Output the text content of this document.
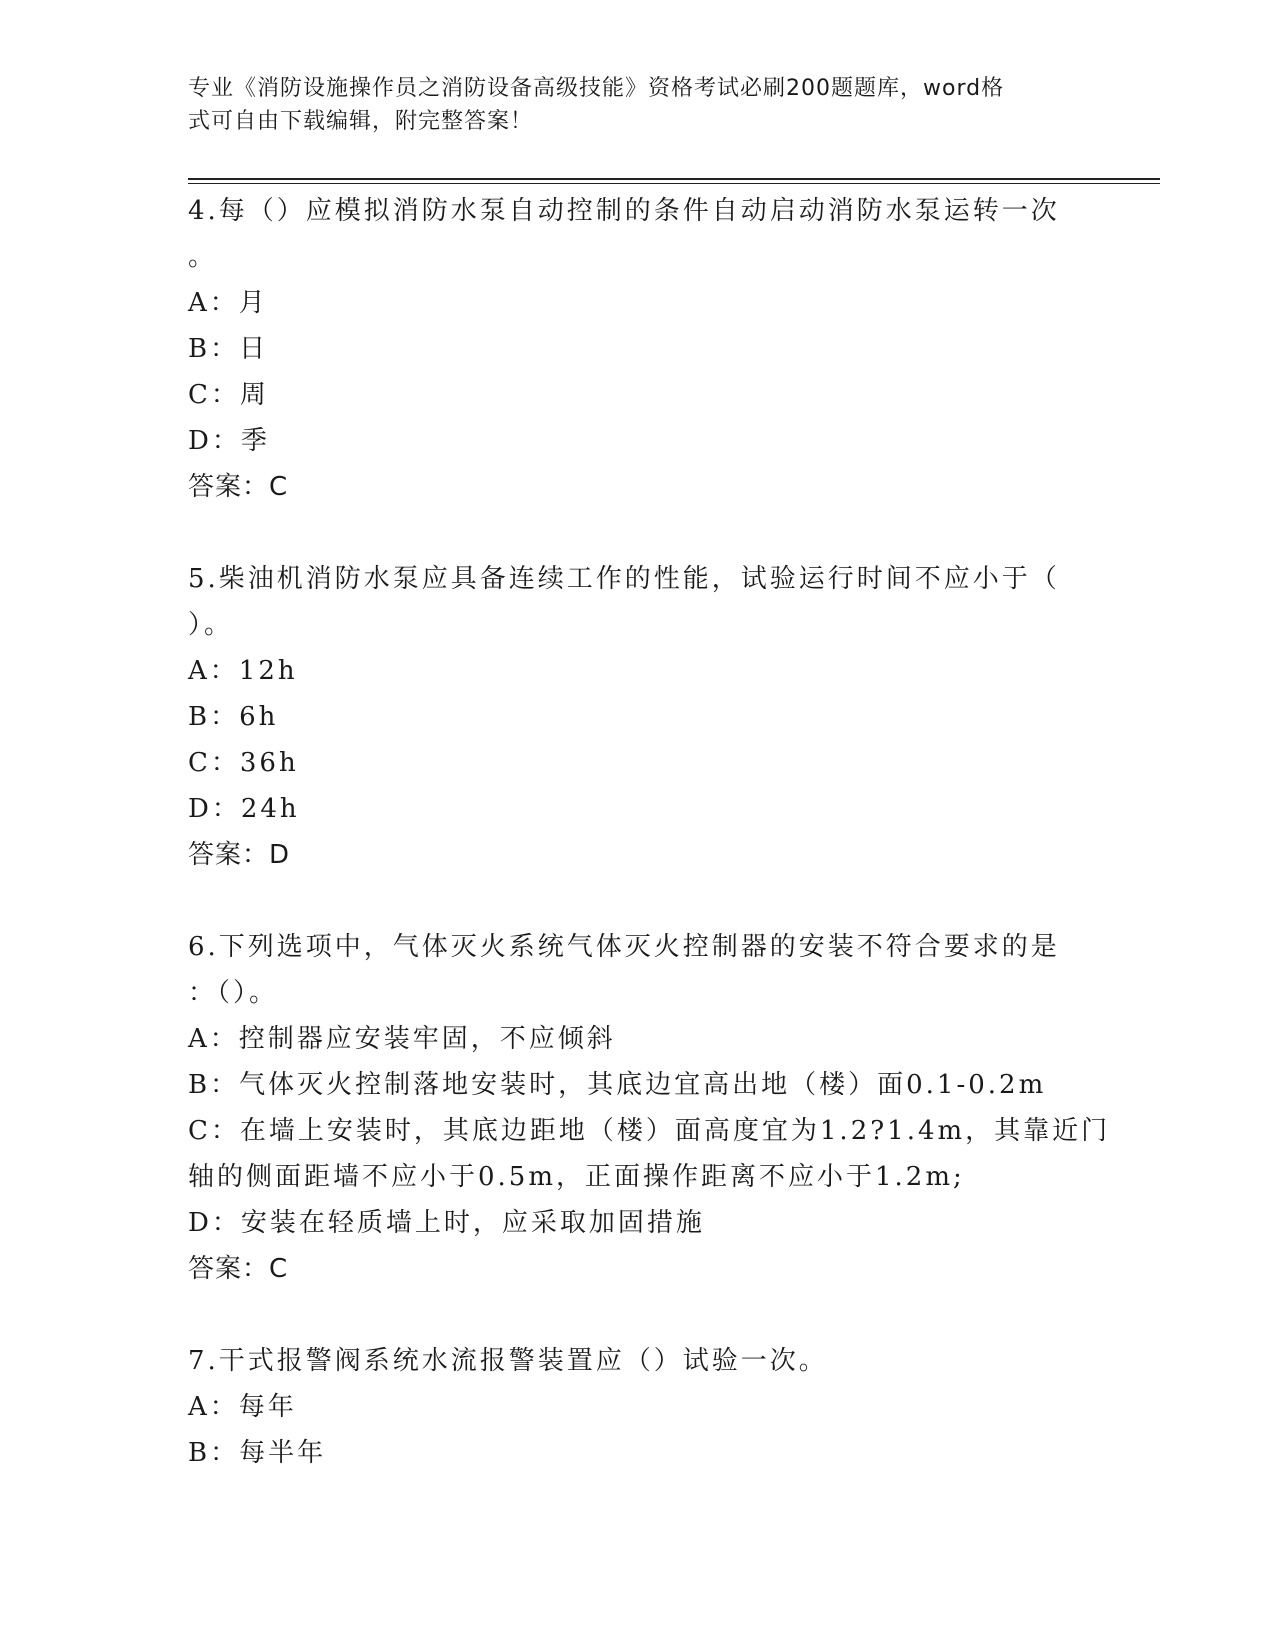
专业《消防设施操作员之消防设备高级技能》资格考试必刷200题题库，word格
式可自由下载编辑，附完整答案！
4.每（）应模拟消防水泵自动控制的条件自动启动消防水泵运转一次
。
A：月
B：日
C：周
D：季
答案：C
5.柴油机消防水泵应具备连续工作的性能，试验运行时间不应小于（
）。
A：12h
B：6h
C：36h
D：24h
答案：D
6.下列选项中，气体灭火系统气体灭火控制器的安装不符合要求的是
：（）。
A：控制器应安装牢固，不应倾斜
B：气体灭火控制落地安装时，其底边宜高出地（楼）面0.1-0.2m
C：在墙上安装时，其底边距地（楼）面高度宜为1.2?1.4m，其靠近门
轴的侧面距墙不应小于0.5m，正面操作距离不应小于1.2m;
D：安装在轻质墙上时，应采取加固措施
答案：C
7.干式报警阀系统水流报警装置应（）试验一次。
A：每年
B：每半年
